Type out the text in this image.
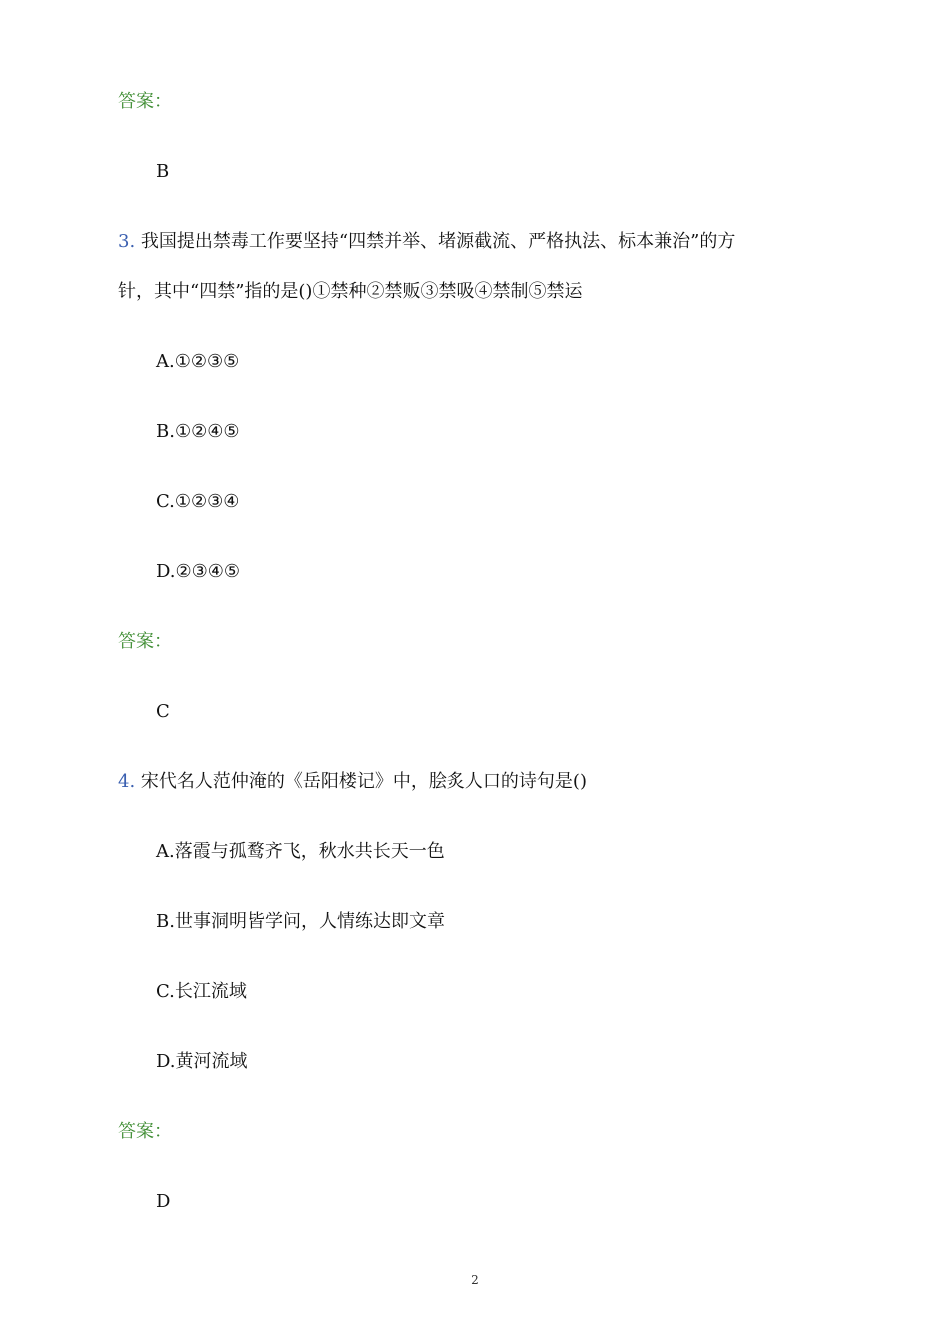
答案：
B
3. 我国提出禁毒工作要坚持“四禁并举、堵源截流、严格执法、标本兼治”的方
针，其中“四禁”指的是()①禁种②禁贩③禁吸④禁制⑤禁运
A.①②③⑤
B.①②④⑤
C.①②③④
D.②③④⑤
答案：
C
4. 宋代名人范仲淹的《岳阳楼记》中，脍炙人口的诗句是()
A.落霞与孤鹜齐飞，秋水共长天一色
B.世事洞明皆学问，人情练达即文章
C.长江流域
D.黄河流域
答案：
D
2
